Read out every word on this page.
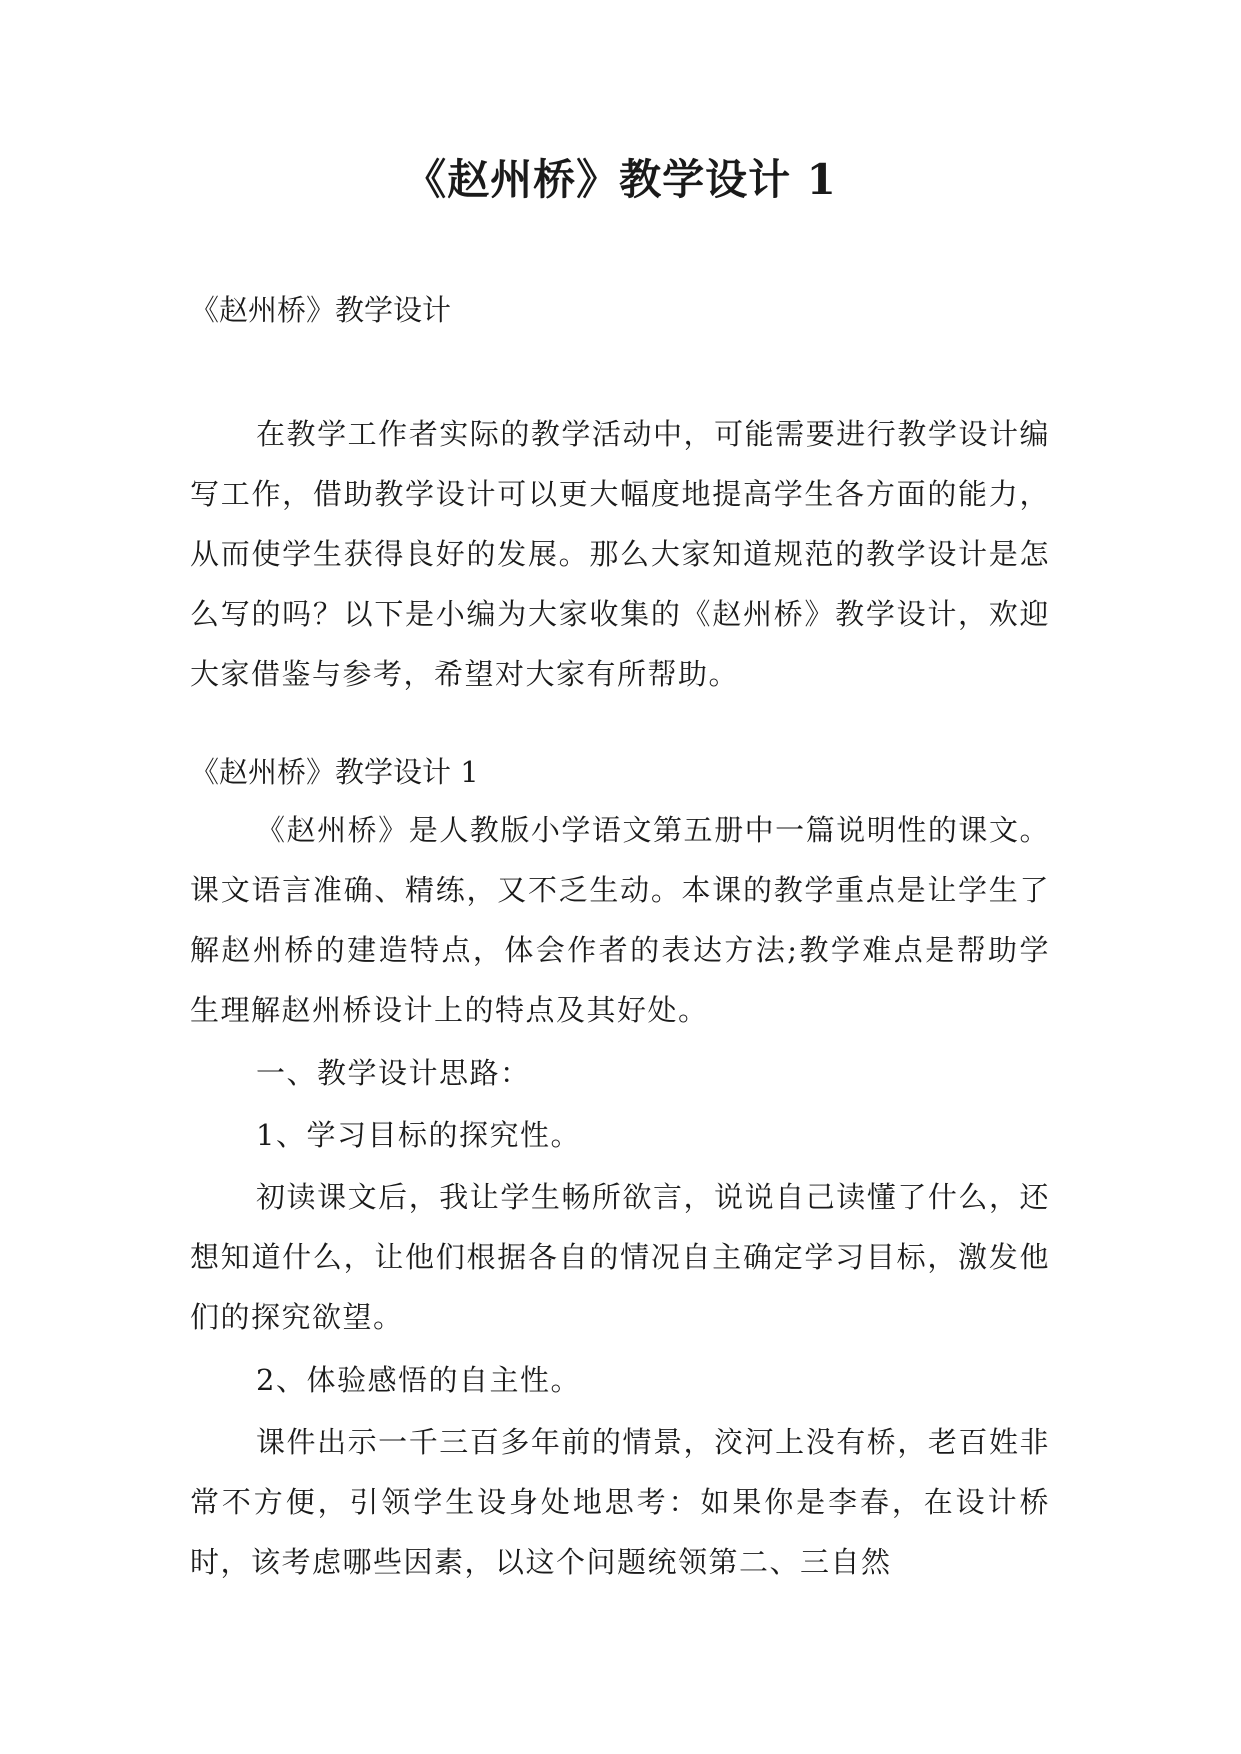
《赵州桥》教学设计 1

《赵州桥》教学设计

在教学工作者实际的教学活动中，可能需要进行教学设计编写工作，借助教学设计可以更大幅度地提高学生各方面的能力，从而使学生获得良好的发展。那么大家知道规范的教学设计是怎么写的吗？以下是小编为大家收集的《赵州桥》教学设计，欢迎大家借鉴与参考，希望对大家有所帮助。

《赵州桥》教学设计 1

《赵州桥》是人教版小学语文第五册中一篇说明性的课文。课文语言准确、精练，又不乏生动。本课的教学重点是让学生了解赵州桥的建造特点，体会作者的表达方法;教学难点是帮助学生理解赵州桥设计上的特点及其好处。

一、教学设计思路：

1、学习目标的探究性。

初读课文后，我让学生畅所欲言，说说自己读懂了什么，还想知道什么，让他们根据各自的情况自主确定学习目标，激发他们的探究欲望。

2、体验感悟的自主性。

课件出示一千三百多年前的情景，洨河上没有桥，老百姓非常不方便，引领学生设身处地思考：如果你是李春，在设计桥时，该考虑哪些因素，以这个问题统领第二、三自然
